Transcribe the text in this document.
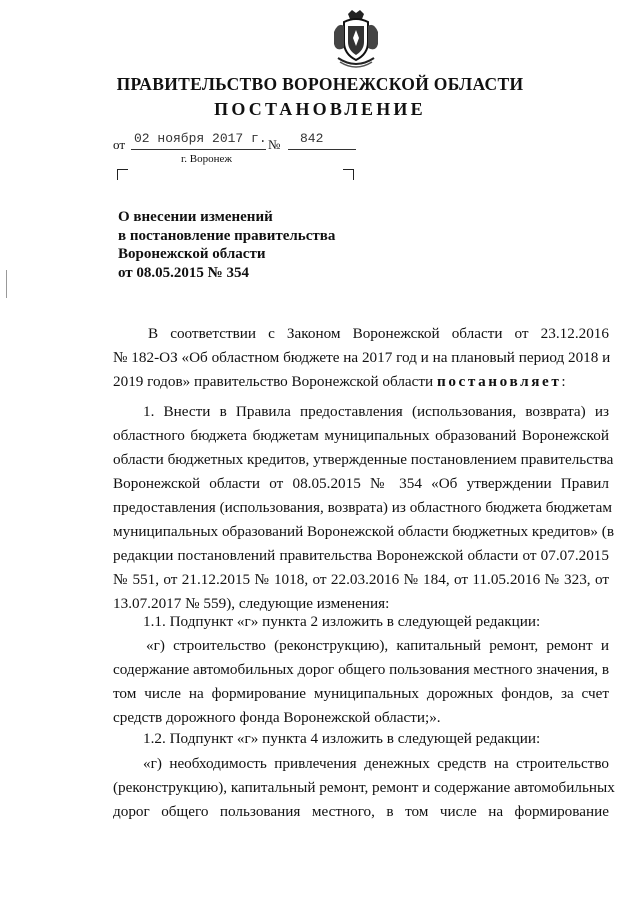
ПРАВИТЕЛЬСТВО ВОРОНЕЖСКОЙ ОБЛАСТИ
ПОСТАНОВЛЕНИЕ
от 02 ноября 2017 г. № 842
г. Воронеж
О внесении изменений
в постановление правительства
Воронежской области
от 08.05.2015 № 354
В соответствии с Законом Воронежской области от 23.12.2016
№ 182-ОЗ «Об областном бюджете на 2017 год и на плановый период 2018 и
2019 годов» правительство Воронежской области постановляет:
1. Внести в Правила предоставления (использования, возврата) из
областного бюджета бюджетам муниципальных образований Воронежской
области бюджетных кредитов, утвержденные постановлением правительства
Воронежской области от 08.05.2015 № 354 «Об утверждении Правил
предоставления (использования, возврата) из областного бюджета бюджетам
муниципальных образований Воронежской области бюджетных кредитов» (в
редакции постановлений правительства Воронежской области от 07.07.2015
№ 551, от 21.12.2015 № 1018, от 22.03.2016 № 184, от 11.05.2016 № 323, от
13.07.2017 № 559), следующие изменения:
1.1. Подпункт «г» пункта 2 изложить в следующей редакции:
«г) строительство (реконструкцию), капитальный ремонт, ремонт и
содержание автомобильных дорог общего пользования местного значения, в
том числе на формирование муниципальных дорожных фондов, за счет
средств дорожного фонда Воронежской области;».
1.2. Подпункт «г» пункта 4 изложить в следующей редакции:
«г) необходимость привлечения денежных средств на строительство
(реконструкцию), капитальный ремонт, ремонт и содержание автомобильных
дорог общего пользования местного, в том числе на формирование
